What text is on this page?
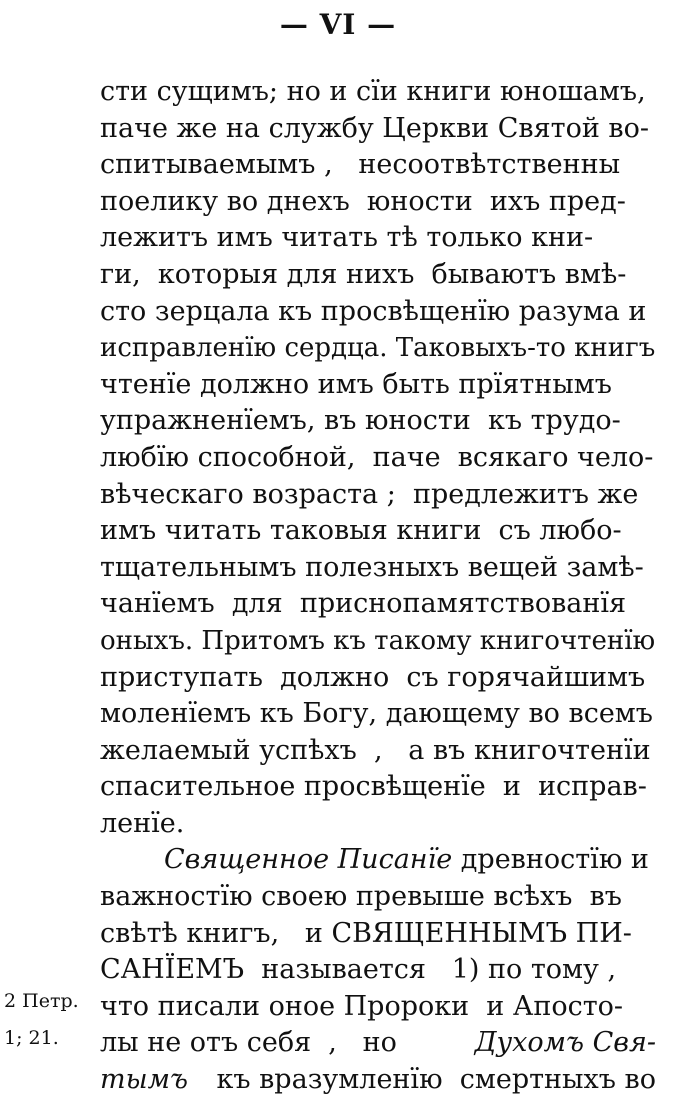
— VI —
сти сущимъ; но и сїи книги юношамъ,
паче же на службу Церкви Святой во-
спитываемымъ ,   несоотвѣтственны
поелику во днехъ  юности  ихъ пред-
лежитъ имъ читать тѣ только кни-
ги,  которыя для нихъ  бываютъ вмѣ-
сто зерцала къ просвѣщенїю разума и
исправленїю сердца. Таковыхъ-то книгъ
чтенїе должно имъ быть прїятнымъ
упражненїемъ, въ юности  къ трудо-
любїю способной,  паче  всякаго чело-
вѣческаго возраста ;  предлежитъ же
имъ читать таковыя книги  съ любо-
тщательнымъ полезныхъ вещей замѣ-
чанїемъ  для  приснопамятствованїя
оныхъ. Притомъ къ такому книгочтенїю
приступать  должно  съ горячайшимъ
моленїемъ къ Богу, дающему во всемъ
желаемый успѣхъ  ,   а въ книгочтенїи
спасительное просвѣщенїе  и  исправ-
ленїе.
Священное Писанїе древностїю и
важностїю своею превыше всѣхъ  въ
свѣтѣ книгъ,   и СВЯЩЕННЫМЪ ПИ-
САНЇЕМЪ  называется   1) по тому ,
что писали оное Пророки  и Апосто-
лы не отъ себя  ,   но	Духомъ Свя-
тымъ къ вразумленїю  смертныхъ во
2 Петр.
1; 21.
